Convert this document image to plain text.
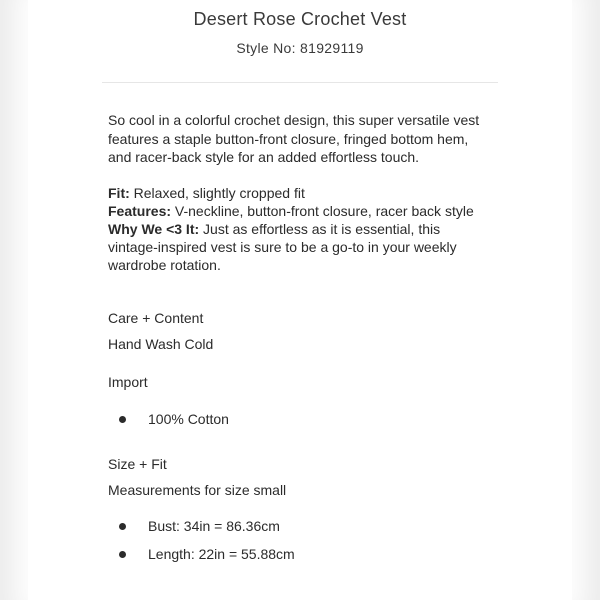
Desert Rose Crochet Vest
Style No: 81929119
So cool in a colorful crochet design, this super versatile vest
features a staple button-front closure, fringed bottom hem,
and racer-back style for an added effortless touch.
Fit: Relaxed, slightly cropped fit
Features: V-neckline, button-front closure, racer back style
Why We <3 It: Just as effortless as it is essential, this
vintage-inspired vest is sure to be a go-to in your weekly
wardrobe rotation.
Care + Content
Hand Wash Cold
Import
100% Cotton
Size + Fit
Measurements for size small
Bust: 34in = 86.36cm
Length: 22in = 55.88cm
